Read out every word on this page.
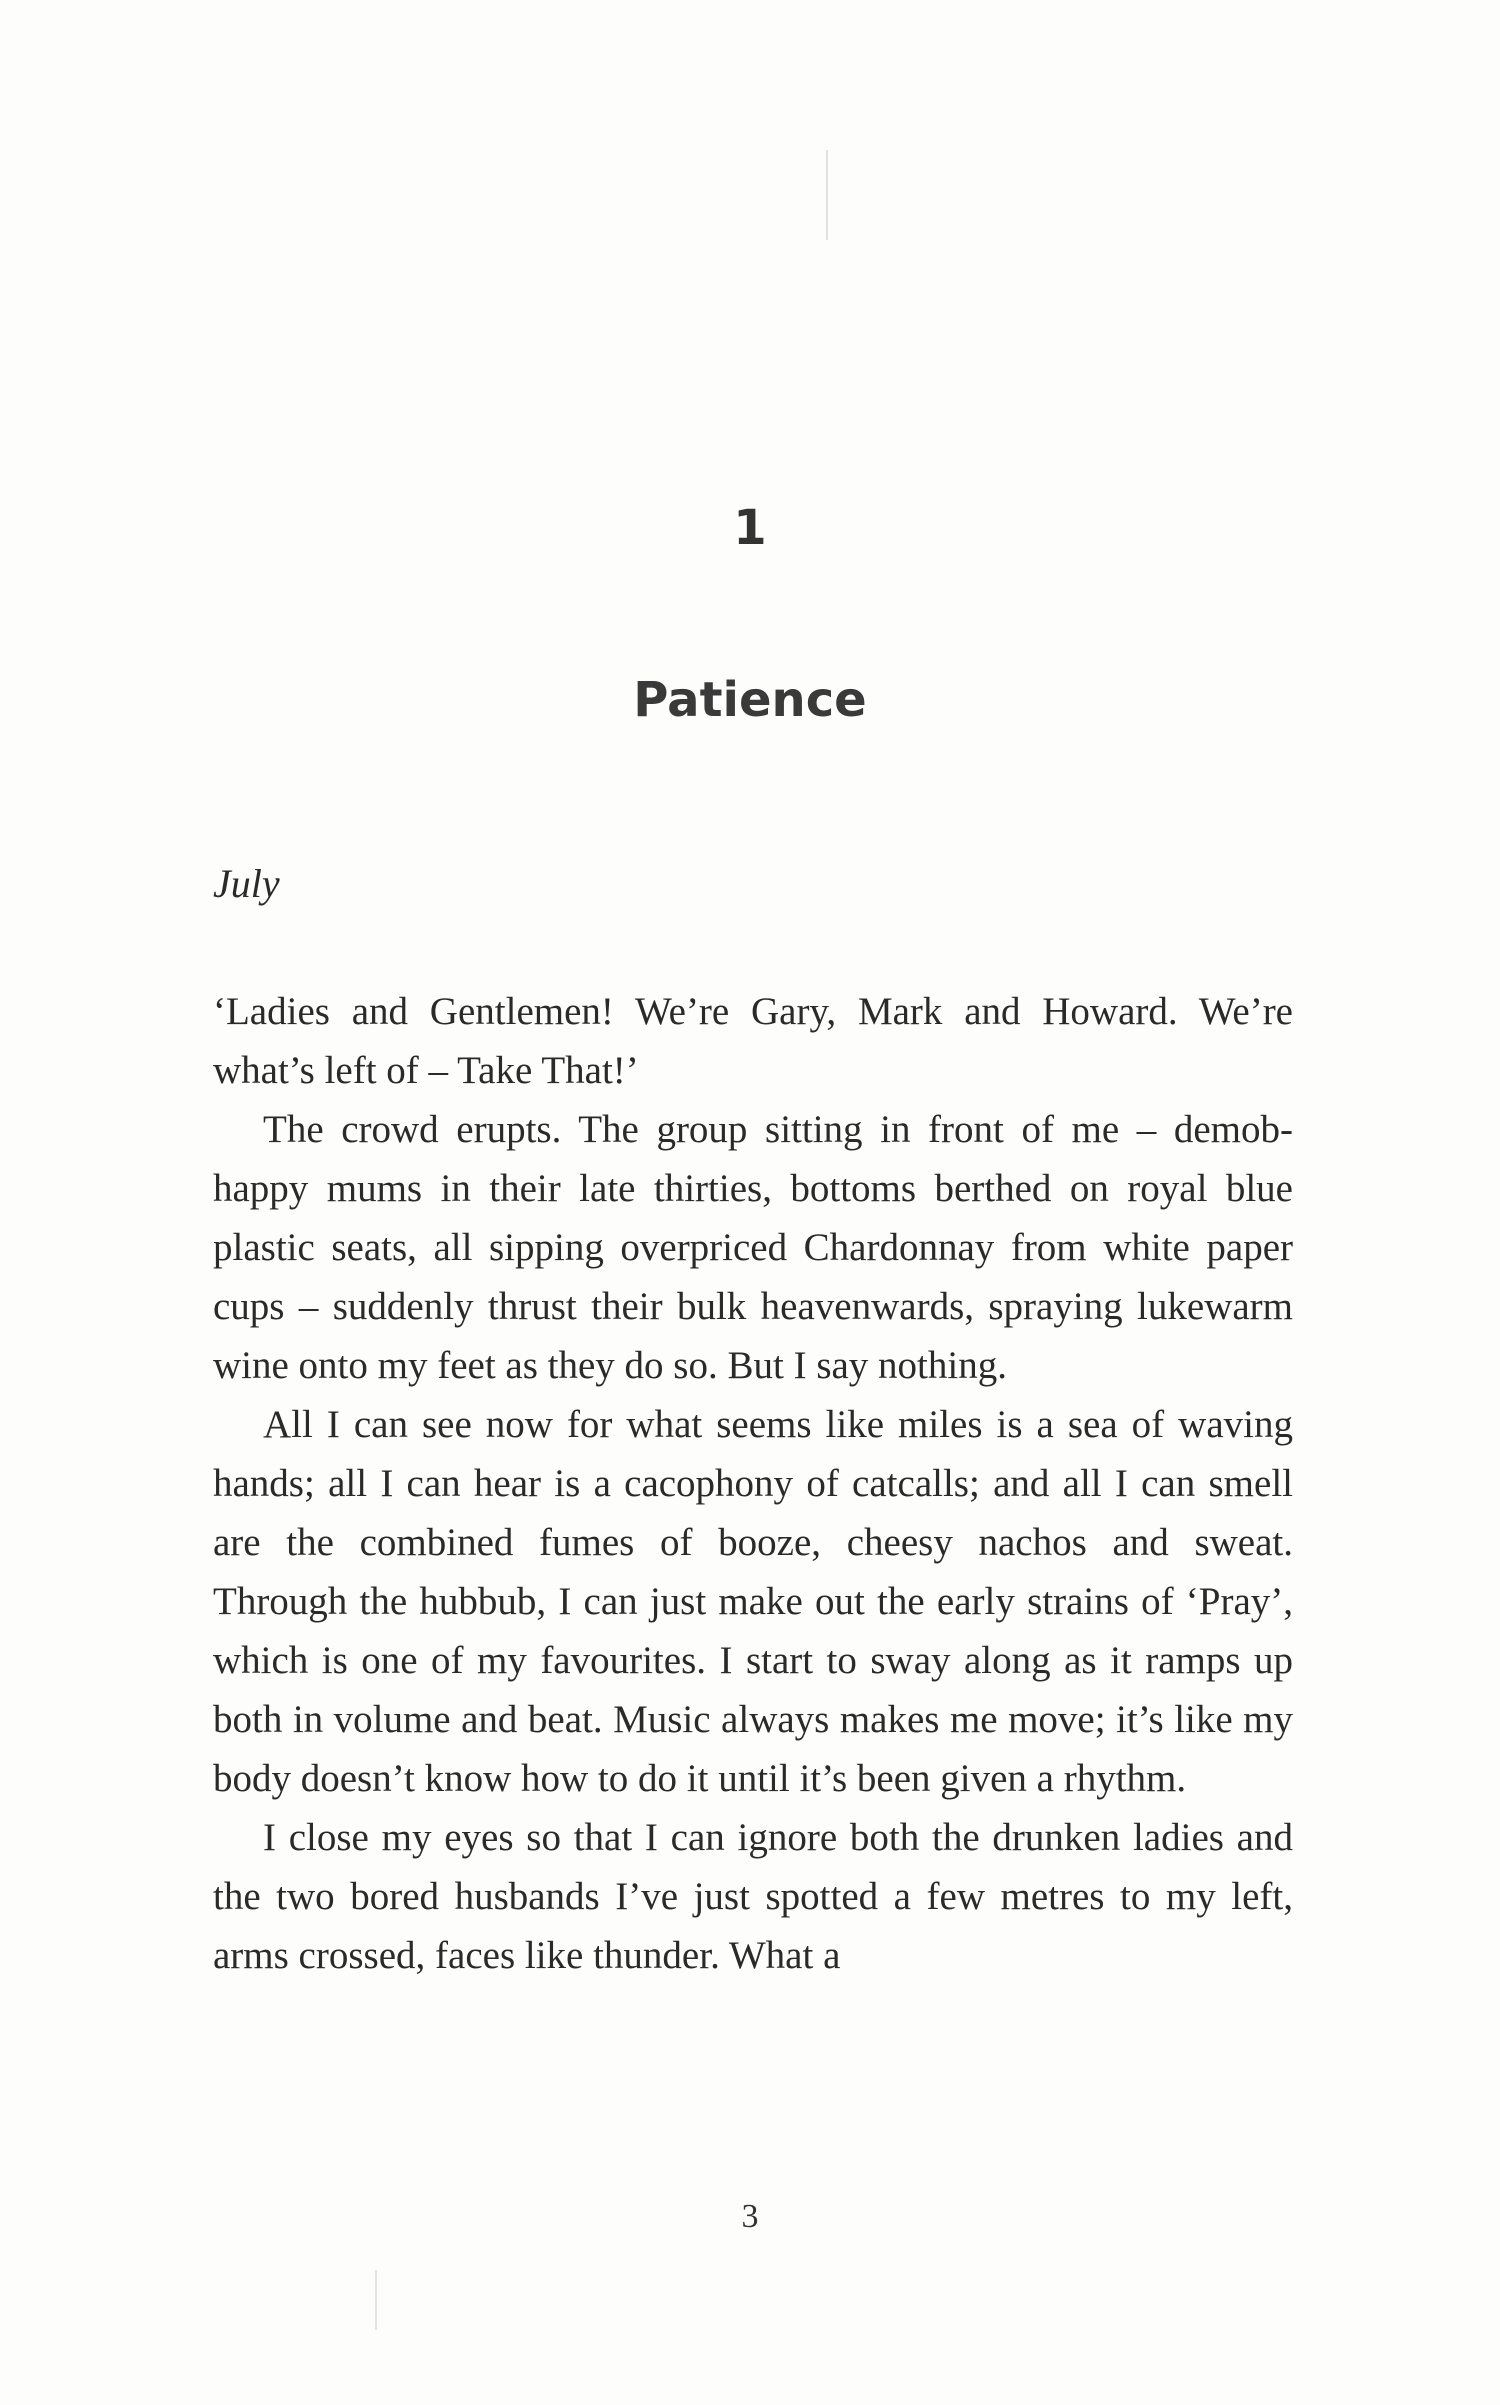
1
Patience

July

‘Ladies and Gentlemen! We’re Gary, Mark and Howard. We’re what’s left of – Take That!’

The crowd erupts. The group sitting in front of me – demob-happy mums in their late thirties, bottoms berthed on royal blue plastic seats, all sipping overpriced Chardonnay from white paper cups – suddenly thrust their bulk heavenwards, spraying lukewarm wine onto my feet as they do so. But I say nothing.

All I can see now for what seems like miles is a sea of waving hands; all I can hear is a cacophony of catcalls; and all I can smell are the combined fumes of booze, cheesy nachos and sweat. Through the hubbub, I can just make out the early strains of ‘Pray’, which is one of my favourites. I start to sway along as it ramps up both in volume and beat. Music always makes me move; it’s like my body doesn’t know how to do it until it’s been given a rhythm.

I close my eyes so that I can ignore both the drunken ladies and the two bored husbands I’ve just spotted a few metres to my left, arms crossed, faces like thunder. What a

3
